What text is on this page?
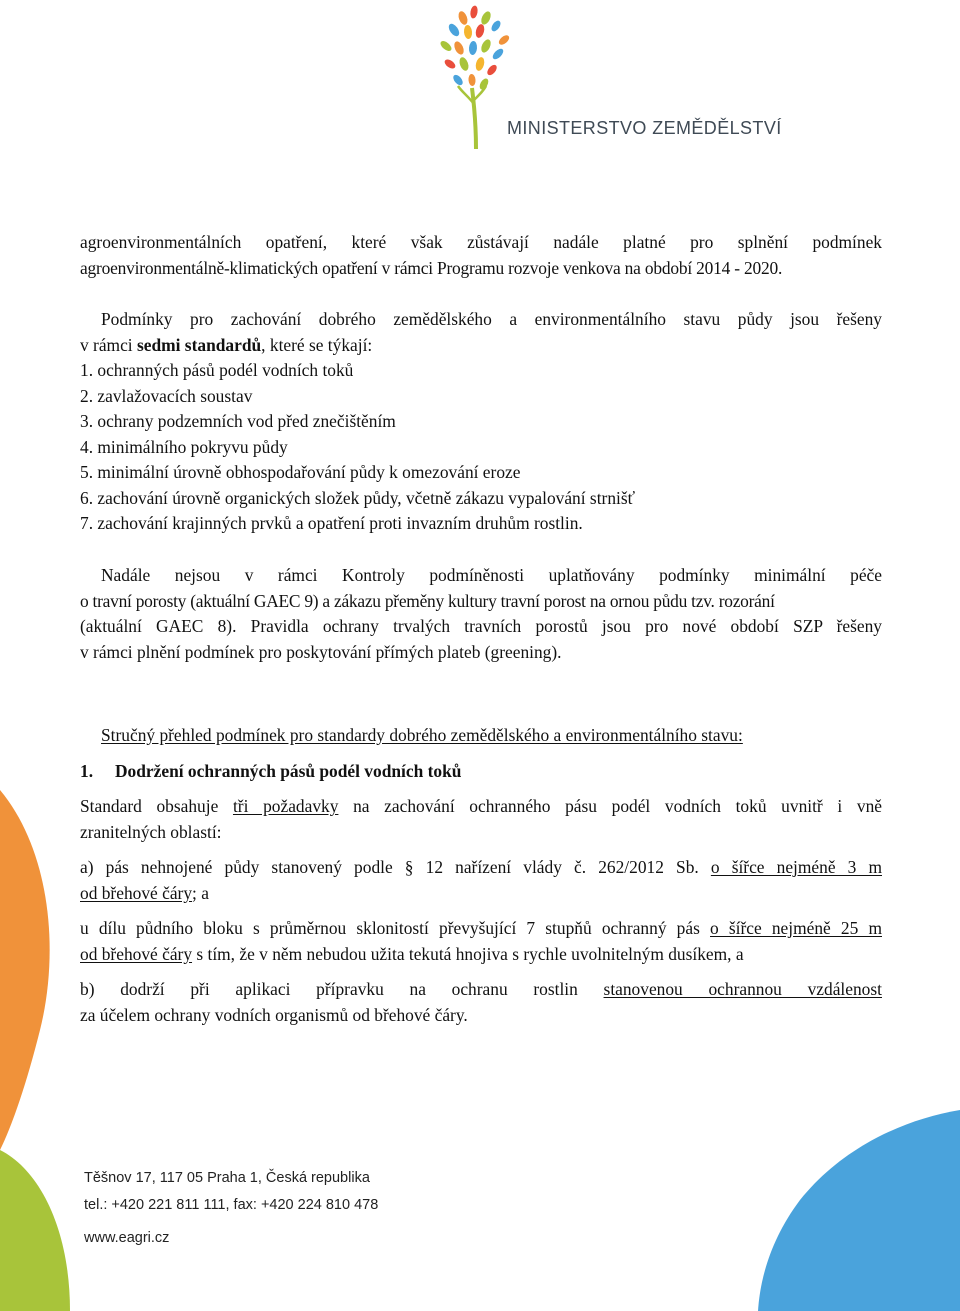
MINISTERSTVO ZEMĚDĚLSTVÍ
agroenvironmentálních opatření, které však zůstávají nadále platné pro splnění podmínek
agroenvironmentálně-klimatických opatření v rámci Programu rozvoje venkova na období 2014 - 2020.
Podmínky pro zachování dobrého zemědělského a environmentálního stavu půdy jsou řešeny
v rámci sedmi standardů, které se týkají:
1. ochranných pásů podél vodních toků
2. zavlažovacích soustav
3. ochrany podzemních vod před znečištěním
4. minimálního pokryvu půdy
5. minimální úrovně obhospodařování půdy k omezování eroze
6. zachování úrovně organických složek půdy, včetně zákazu vypalování strnišť
7. zachování krajinných prvků a opatření proti invazním druhům rostlin.
Nadále nejsou v rámci Kontroly podmíněnosti uplatňovány podmínky minimální péče
o travní porosty (aktuální GAEC 9) a zákazu přeměny kultury travní porost na ornou půdu tzv. rozorání
(aktuální GAEC 8). Pravidla ochrany trvalých travních porostů jsou pro nové období SZP řešeny
v rámci plnění podmínek pro poskytování přímých plateb (greening).
Stručný přehled podmínek pro standardy dobrého zemědělského a environmentálního stavu:
1. Dodržení ochranných pásů podél vodních toků
Standard obsahuje tři požadavky na zachování ochranného pásu podél vodních toků uvnitř i vně
zranitelných oblastí:
a) pás nehnojené půdy stanovený podle § 12 nařízení vlády č. 262/2012 Sb. o šířce nejméně 3 m
od břehové čáry; a
u dílu půdního bloku s průměrnou sklonitostí převyšující 7 stupňů ochranný pás o šířce nejméně 25 m
od břehové čáry s tím, že v něm nebudou užita tekutá hnojiva s rychle uvolnitelným dusíkem, a
b) dodrží při aplikaci přípravku na ochranu rostlin stanovenou ochrannou vzdálenost
za účelem ochrany vodních organismů od břehové čáry.
Těšnov 17, 117 05 Praha 1, Česká republika
tel.: +420 221 811 111, fax: +420 224 810 478
www.eagri.cz
